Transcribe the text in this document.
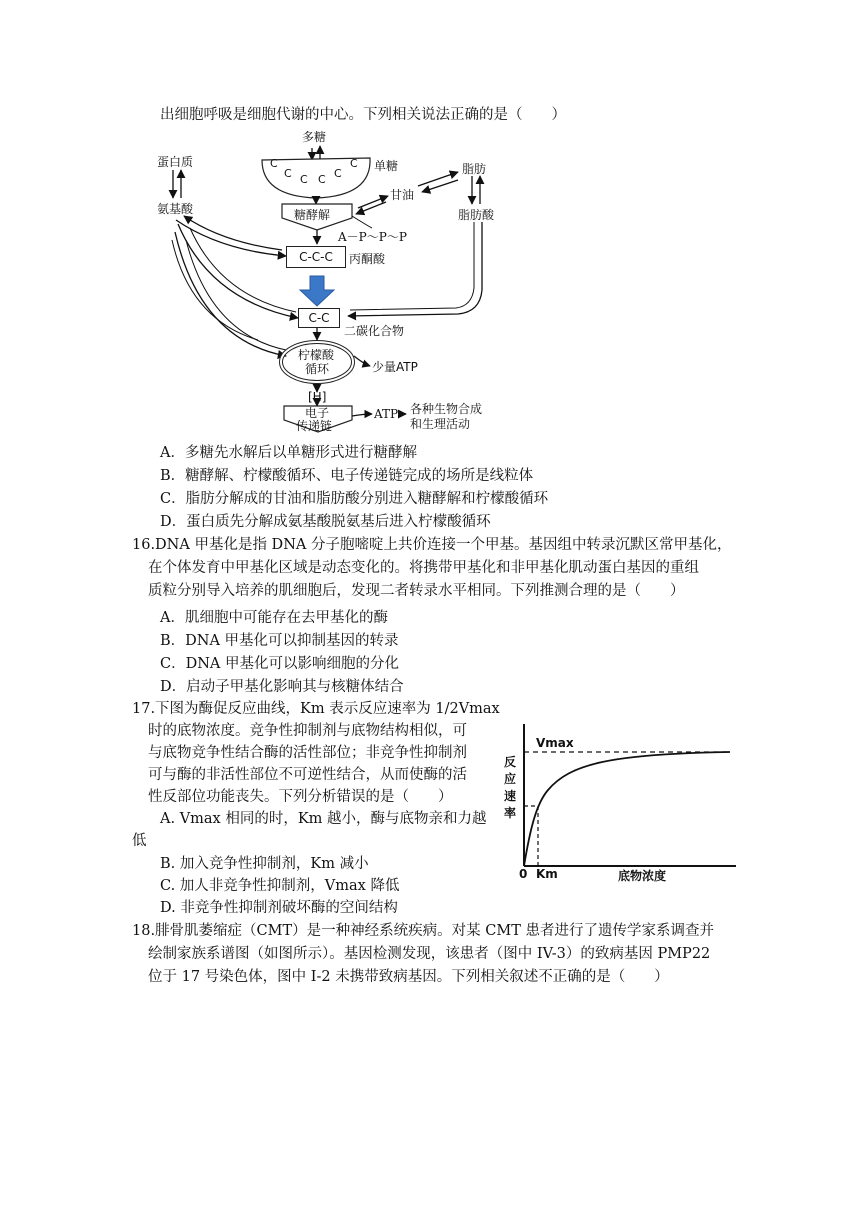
出细胞呼吸是细胞代谢的中心。下列相关说法正确的是（　　）
多糖
单糖
C
C C C C
C
蛋白质
氨基酸
脂肪
甘油
脂肪酸
糖酵解
A－P～P～P
C-C-C	丙酮酸
C-C
二碳化合物
柠檬酸
循环	少量ATP
[H]
电子
传递链
ATP 各种生物合成
和生理活动
A．多糖先水解后以单糖形式进行糖酵解
B．糖酵解、柠檬酸循环、电子传递链完成的场所是线粒体
C．脂肪分解成的甘油和脂肪酸分别进入糖酵解和柠檬酸循环
D．蛋白质先分解成氨基酸脱氨基后进入柠檬酸循环
16.DNA 甲基化是指 DNA 分子胞嘧啶上共价连接一个甲基。基因组中转录沉默区常甲基化，
在个体发育中甲基化区域是动态变化的。将携带甲基化和非甲基化肌动蛋白基因的重组
质粒分别导入培养的肌细胞后，发现二者转录水平相同。下列推测合理的是（　　）
A．肌细胞中可能存在去甲基化的酶
B．DNA 甲基化可以抑制基因的转录
C．DNA 甲基化可以影响细胞的分化
D．启动子甲基化影响其与核糖体结合
17.下图为酶促反应曲线，Km 表示反应速率为 1/2Vmax
时的底物浓度。竞争性抑制剂与底物结构相似，可
与底物竞争性结合酶的活性部位；非竞争性抑制剂
可与酶的非活性部位不可逆性结合，从而使酶的活
性反部位功能丧失。下列分析错误的是（　　）
A. Vmax 相同的时，Km 越小，酶与底物亲和力越
低
B. 加入竞争性抑制剂，Km 减小
C. 加人非竞争性抑制剂，Vmax 降低
D. 非竞争性抑制剂破坏酶的空间结构
Vmax
反
应
速
率
0 Km	底物浓度
18.腓骨肌萎缩症（CMT）是一种神经系统疾病。对某 CMT 患者进行了遗传学家系调查并
绘制家族系谱图（如图所示）。基因检测发现，该患者（图中 IV-3）的致病基因 PMP22
位于 17 号染色体，图中 I-2 未携带致病基因。下列相关叙述不正确的是（　　）
